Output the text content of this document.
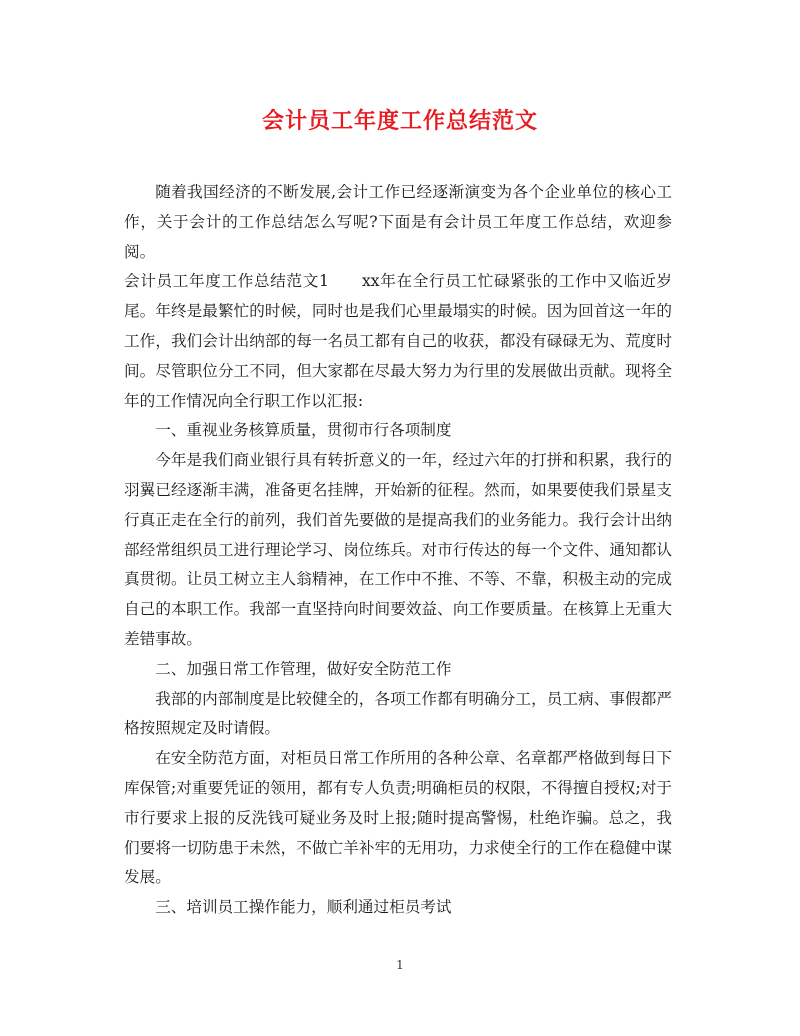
会计员工年度工作总结范文

随着我国经济的不断发展,会计工作已经逐渐演变为各个企业单位的核心工作，关于会计的工作总结怎么写呢?下面是有会计员工年度工作总结，欢迎参阅。

会计员工年度工作总结范文1　　xx年在全行员工忙碌紧张的工作中又临近岁尾。年终是最繁忙的时候，同时也是我们心里最塌实的时候。因为回首这一年的工作，我们会计出纳部的每一名员工都有自己的收获，都没有碌碌无为、荒度时间。尽管职位分工不同，但大家都在尽最大努力为行里的发展做出贡献。现将全年的工作情况向全行职工作以汇报:

一、重视业务核算质量，贯彻市行各项制度

今年是我们商业银行具有转折意义的一年，经过六年的打拼和积累，我行的羽翼已经逐渐丰满，准备更名挂牌，开始新的征程。然而，如果要使我们景星支行真正走在全行的前列，我们首先要做的是提高我们的业务能力。我行会计出纳部经常组织员工进行理论学习、岗位练兵。对市行传达的每一个文件、通知都认真贯彻。让员工树立主人翁精神，在工作中不推、不等、不靠，积极主动的完成自己的本职工作。我部一直坚持向时间要效益、向工作要质量。在核算上无重大差错事故。

二、加强日常工作管理，做好安全防范工作

我部的内部制度是比较健全的，各项工作都有明确分工，员工病、事假都严格按照规定及时请假。

在安全防范方面，对柜员日常工作所用的各种公章、名章都严格做到每日下库保管;对重要凭证的领用，都有专人负责;明确柜员的权限，不得擅自授权;对于市行要求上报的反洗钱可疑业务及时上报;随时提高警惕，杜绝诈骗。总之，我们要将一切防患于未然，不做亡羊补牢的无用功，力求使全行的工作在稳健中谋发展。

三、培训员工操作能力，顺利通过柜员考试

1
